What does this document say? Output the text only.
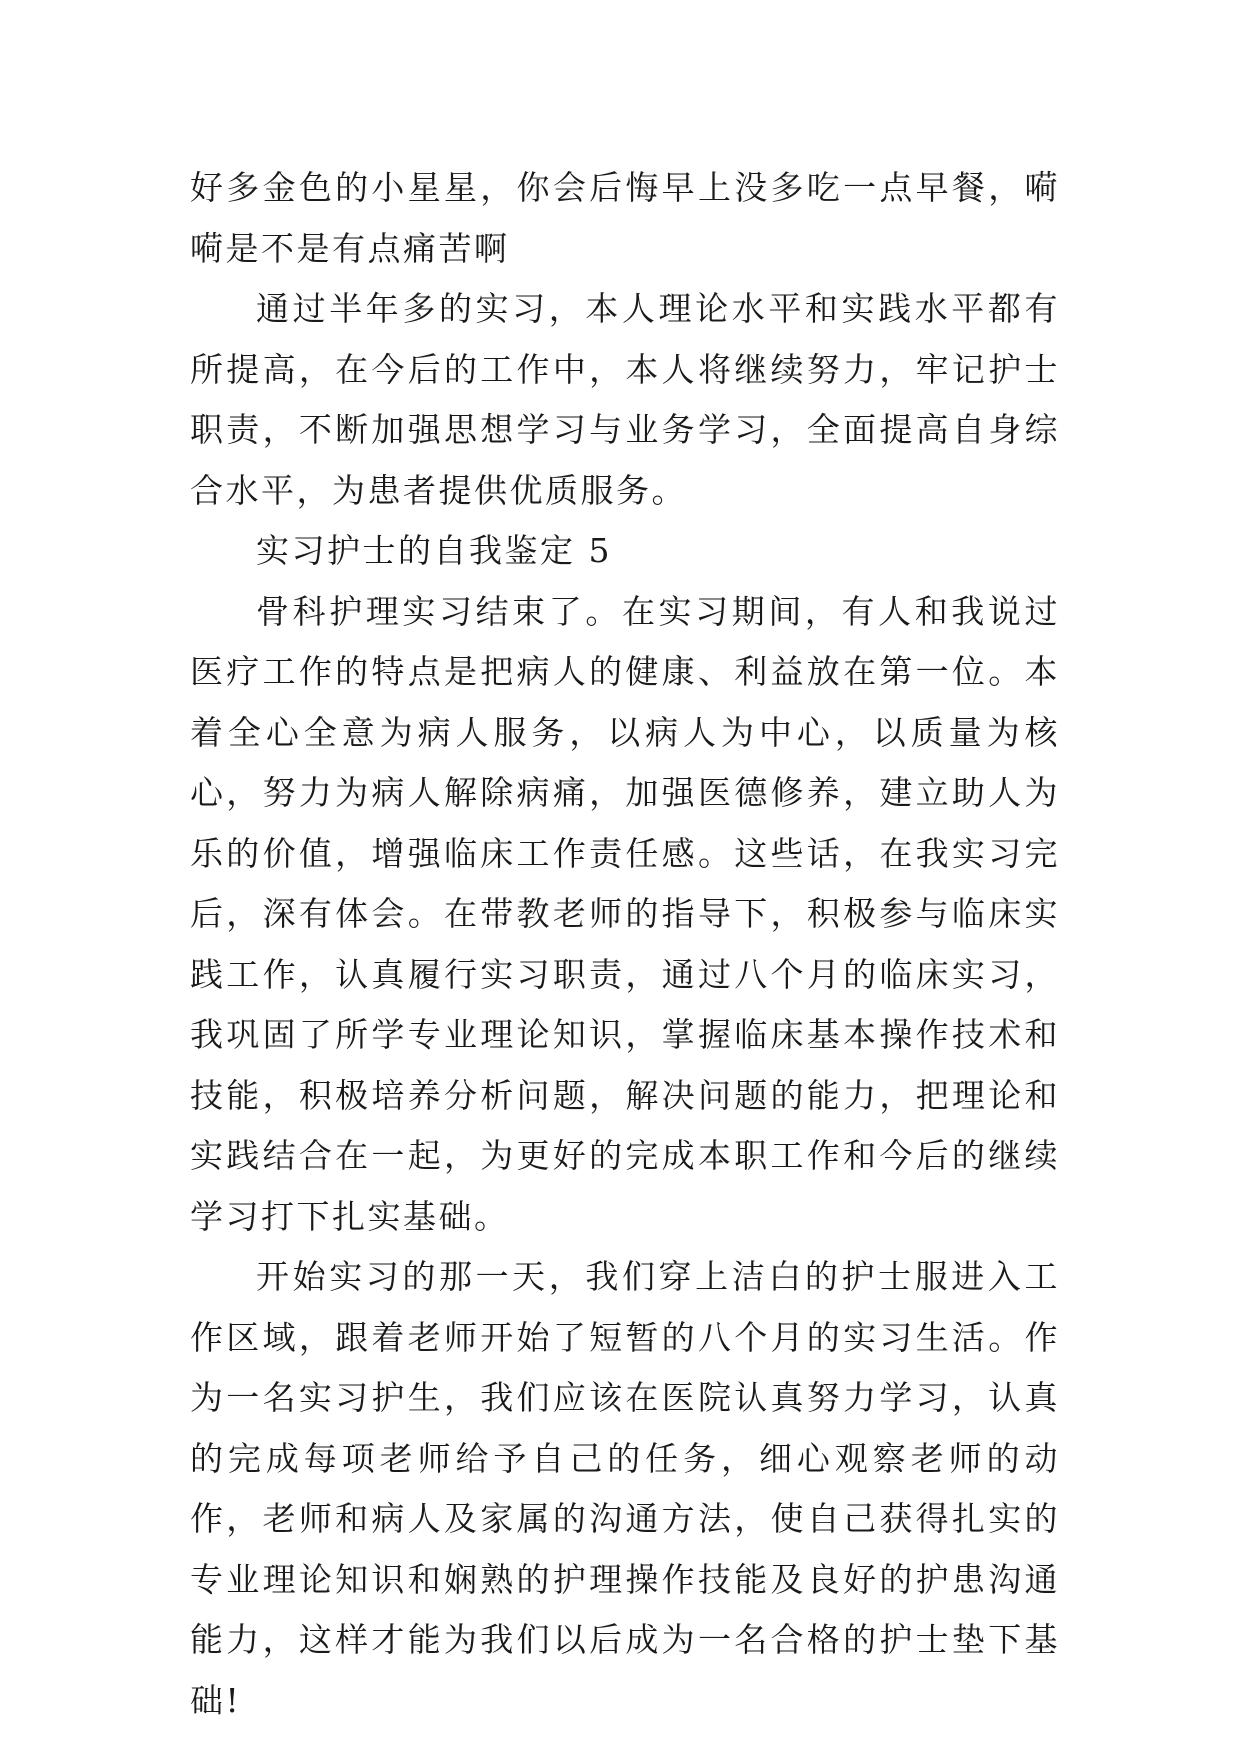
好多金色的小星星，你会后悔早上没多吃一点早餐，嗬嗬是不是有点痛苦啊

通过半年多的实习，本人理论水平和实践水平都有所提高，在今后的工作中，本人将继续努力，牢记护士职责，不断加强思想学习与业务学习，全面提高自身综合水平，为患者提供优质服务。

实习护士的自我鉴定 5

骨科护理实习结束了。在实习期间，有人和我说过医疗工作的特点是把病人的健康、利益放在第一位。本着全心全意为病人服务，以病人为中心，以质量为核心，努力为病人解除病痛，加强医德修养，建立助人为乐的价值，增强临床工作责任感。这些话，在我实习完后，深有体会。在带教老师的指导下，积极参与临床实践工作，认真履行实习职责，通过八个月的临床实习，我巩固了所学专业理论知识，掌握临床基本操作技术和技能，积极培养分析问题，解决问题的能力，把理论和实践结合在一起，为更好的完成本职工作和今后的继续学习打下扎实基础。

开始实习的那一天，我们穿上洁白的护士服进入工作区域，跟着老师开始了短暂的八个月的实习生活。作为一名实习护生，我们应该在医院认真努力学习，认真的完成每项老师给予自己的任务，细心观察老师的动作，老师和病人及家属的沟通方法，使自己获得扎实的专业理论知识和娴熟的护理操作技能及良好的护患沟通能力，这样才能为我们以后成为一名合格的护士垫下基础!
